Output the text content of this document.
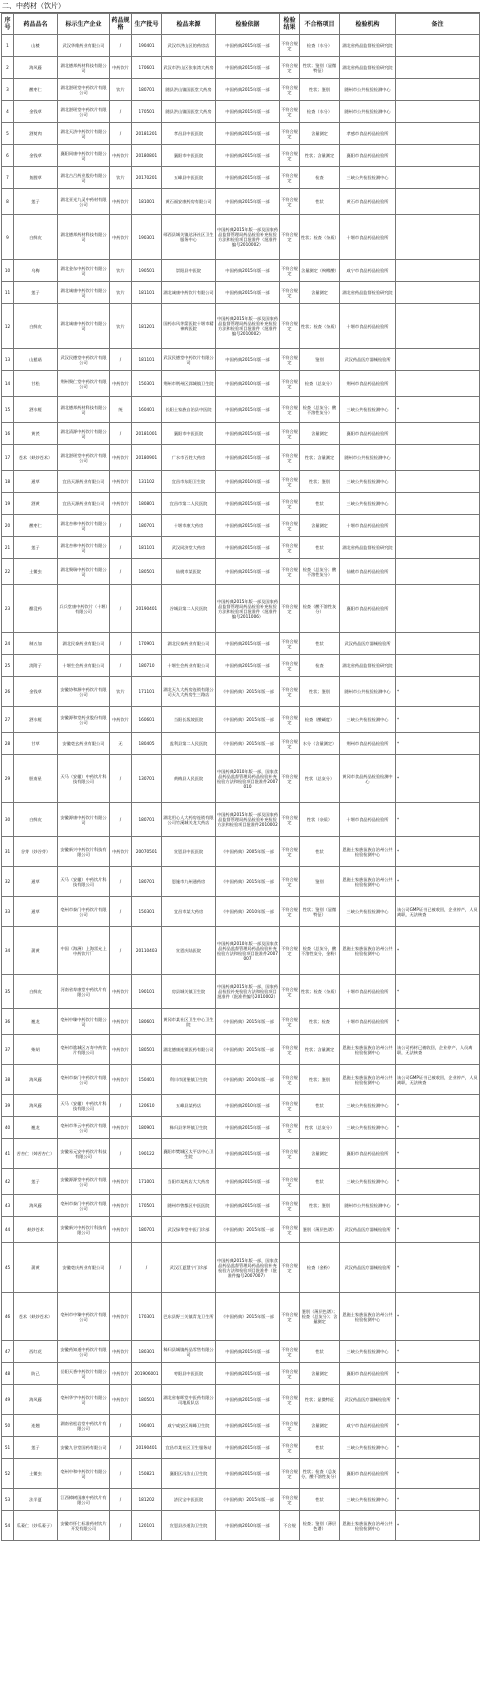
二、中药材（饮片）
序号	药品品名	标示生产企业	药品规格	生产批号	检品来源	检验依据	检验结果	不合格项目	检验机构	备注
1	山楂	武汉华维药业有限公司	/	190401	武汉市洪山区的药房店	中国药典2015年版一部	不符合规定	检查（水分）	湖北省药品监督检验研究院	
2	海风藤	湖北德邦药材科技有限公司	中药饮片	170601	武汉市洪山区张家湾大药房	中国药典2015年版一部	不符合规定	性状；鉴别（显微特征）	湖北省药品监督检验研究院	
3	酸枣仁	湖北湛瑶堂中药饮片有限公司	饮片	180701	随县洪山镇国医堂大药房	中国药典2015年版一部	不符合规定	性状；鉴别	随州市公共检验检测中心	
4	金钱草	湖北湛瑶堂中药饮片有限公司	/	170501	随县洪山镇国医堂大药房	中国药典2015年版一部	不符合规定	检查（水分）	随州市公共检验检测中心	
5	酒萸肉	湖北天济中药饮片有限公司	/	20181201	孝昌县中医医院	中国药典2015年版一部	不符合规定	含量测定	孝感市食品药品检验所	
6	金钱草	襄阳同康中药饮片有限公司	中药饮片	20180801	襄阳市中医医院	中国药典2015年版一部	不符合规定	性状；含量测定	襄阳市食品药品检验所	
7	鱼腥草	湖北古吕药业股份有限公司	饮片	20170201	五峰县中医医院	中国药典2015年版一部	不符合规定	检查	三峡公共检验检测中心	
8	莲子	湖北亚光九灵中药材有限公司	中药饮片	181001	黄石福安康药房有限公司	中国药典2015年版一部	不符合规定	性状	黄石市食品药品检验所	
9	白鲜皮	湖北德邦药材科技有限公司	中药饮片	190301	郧西县城关镇达泽社区卫生服务中心	中国药典2015年版一部及国家药品监督管理局药品检验补充检验方法和检验项目批准件（批准件编号2010002）	不符合规定	性状；检查（杂质）	十堰市食品药品检验所	
10	乌梅	湖北金东中药饮片有限公司	饮片	190501	崇阳县中医院	中国药典2015年版一部	不符合规定	含量测定（枸橼酸）	咸宁市食品药品检验所	
11	莲子	湖北诚康中药饮片有限公司	饮片	181101	湖北诚康中药饮片有限公司	中国药典2015年版一部	不符合规定	含量测定	湖北省药品监督检验研究院	
12	白鲜皮	湖北诚康中药饮片有限公司	饮片	181201	国药东风茅箭医院十堰市精神病医院	中国药典2015年版一部及国家药品监督管理局药品检验补充检验方法和检验项目批准件（批准件编号2010002）	不符合规定	性状；检查（杂质）	十堰市食品药品检验所	
13	山慈菇	武汉民德堂中药饮片有限公司	/	181101	武汉民德堂中药饮片有限公司	中国药典2015年版一部	不符合规定	鉴别	武汉药品医疗器械检验所	
14	甘松	荆州聚仁堂中药饮片有限公司	中药饮片	150301	荆州市荆州区郢城镇卫生院	中国药典2010年版一部	不符合规定	检查（总灰分）	荆州市食品药品检验所	
15	洒水蛭	湖北德邦药材科技有限公司	统	160401	长阳土家族自治县中医院	中国药典2015年版一部	不符合规定	检查（总灰分；酸不溶性灰分）	三峡公共检验检测中心	*
16	黄芪	湖北清源中药饮片有限公司	/	20181001	襄阳市中医医院	中国药典2015年版一部	不符合规定	含量测定	襄阳市食品药品检验所	
17	苍术（麸炒苍术）	湖北湛瑶堂中药饮片有限公司	中药饮片	20180901	广水市百姓大药房	中国药典2015年版一部	不符合规定	性状；含量测定	随州市公共检验检测中心	
18	通草	宜昌天源药业有限公司	中药饮片	131102	宜昌市东阳卫生院	中国药典2010年版一部	不符合规定	性状；鉴别	三峡公共检验检测中心	
19	酒黄	宜昌天源药业有限公司	中药饮片	180801	宜昌市第二人民医院	中国药典2015年版一部	不符合规定	性状	三峡公共检验检测中心	
20	酸枣仁	湖北杏林中药饮片有限公司	/	180701	十堰市康大药房	中国药典2015年版一部	不符合规定	含量测定	十堰市食品药品检验所	
21	莲子	湖北杏林中药饮片有限公司	/	181101	武汉同济堂大药房	中国药典2015年版一部	不符合规定	性状	湖北省药品监督检验研究院	
22	土鳖虫	湖北聚瑞中药饮片有限公司	/	180501	仙桃市某医院	中国药典2015年版一部	不符合规定	检查（总灰分；酸不溶性灰分）	仙桃市食品药品检验所	
23	醋没药	兵兵堂康中药饮片（十堰）有限公司	/	20190401	谷城县第二人民医院	中国药典2015年版一部及国家药品监督管理局药品检验补充检验方法和检验项目批准件（批准件编号2011006）	不符合规定	检查（酸不溶性灰分）	襄阳市食品药品检验所	
24	制五加	湖北民泰药业有限公司	/	170901	湖北民泰药业有限公司	中国药典2015年版一部	不符合规定	性状	武汉药品医疗器械检验所	
25	淡附子	十堰生会药业有限公司	/	180710	十堰生会药业有限公司	中国药典2015年版一部	不符合规定	检查	湖北省药品监督检验研究院	
26	金钱草	安徽协和源中药饮片有限公司	饮片	171101	湖北天九大药房连锁有限公司天九大药房生三路店	《中国药典》2015年版一部	不符合规定	性状；鉴别	随州市公共检验检测中心	*
27	洒水蛭	安徽源和堂药业股份有限公司	中药饮片	160601	当阳长坂坡医院	《中国药典》2015年版一部	不符合规定	检查（酸碱度）	三峡公共检验检测中心	*
28	甘草	安徽亳玄药业有限公司	无	180405	监利县第二人民医院	《中国药典》2015年版一部	不符合规定	水分（含量测定）	荆州市食品药品检验所	*
29	胆南星	天马（安徽）中药饮片科技有限公司	/	130701	黄梅县人民医院	中国药典2010年版一部，国家食品药品监督管理局药品检验补充检验方法和检验项目批准件2007010	不符合规定	性状（总灰分）	黄冈市食品药品检验检测中心	*
30	白鲜皮	安徽源康中药饮片有限公司	/	180701	湖北用心人大药房连锁有限公司竹溪城关龙大药店	中国药典2015年版一部及国家药品监督管理局药品检验补充检验方法和检验项目批准件2010002	不符合规定	性状（杂质）	十堰市食品药品检验所	*
31	谷芽（炒谷芽）	安徽新兴中药饮片科技有限公司	中药饮片	20070501	宣恩县中医医院	《中国药典》2005年版一部	不符合规定	性状	恩施土家族苗族自治州公共检验检测中心	*
32	通草	天马（安徽）中药饮片科技有限公司	/	180701	恩施市九州通药房	《中国药典》2015年版一部	不符合规定	鉴别	恩施土家族苗族自治州公共检验检测中心	*
33	通草	亳州市泰门中药饮片有限公司	/	150301	宜昌市某大药房	《中国药典》2010年版一部	不符合规定	性状；鉴别（显微特征）	三峡公共检验检测中心	该公司GMP证书已被收回，企业停产，人员离职，无法核查
34	蒲黄	中国（海洲）上海雷允上中药饮片厂	/	20110403	宣恩庆陆医院	中国药典2010年版一部及国家食品药品监督管理局药品检验补充检验方法和检验项目批准件2007007	不符合规定	检查（总灰分，酸不溶性灰分，金粉）	恩施土家族苗族自治州公共检验检测中心	*
35	白鲜皮	河南省寿康堂中药饮片有限公司	中药饮片	190101	房县城关镇卫生院	中国药典2015年版一部，国家药品检验补充检验方法和检验项目批准件（批准件编号2010002）	不符合规定	性状；检查（杂质）	十堰市食品药品检验所	*
36	翘龙	亳州中臻中药饮片有限公司	中药饮片	180601	黄冈市某社区卫生中心卫生院	《中国药典》2015年版一部	不符合规定	性状；检查	十堰市食品药品检验所	*
37	柴胡	亳州市谯城区万寿中药饮片有限公司	中药饮片	180501	湖北德康连锁医药有限公司	《中国药典》2015年版一部	不符合规定	性状；含量测定	恩施土家族苗族自治州公共检验检测中心	该公司药材已被收回，企业停产，人员离职，无法核查
38	海风藤	亳州市泰门中药饮片有限公司	中药饮片	150401	利川市团堡镇卫生院	《中国药典》2010年版一部	不符合规定	性状；鉴别	恩施土家族苗族自治州公共检验检测中心	该公司GMP证书已被收回，企业停产，人员离职，无法核查
39	海风藤	天马（安徽）中药饮片科技有限公司	/	120610	五峰县某药店	中国药典2010年版一部	不符合规定	性状	三峡公共检验检测中心	*
40	翘龙	亳州市华云中药饮片有限公司	中药饮片	180901	秭归县茅坪镇卫生院	中国药典2015年版一部	不符合规定	性状（总灰分）	三峡公共检验检测中心	*
41	苦杏仁（焯苦杏仁）	安徽易元安中药饮片科技有限公司	/	190122	襄阳市樊城区太平店中心卫生院	中国药典2015年版一部	不符合规定	含量测定	襄阳市食品药品检验所	*
42	莲子	安徽源源堂中药饮片有限公司	中药饮片	171001	当阳市某药店大大药房	中国药典2015年版一部	不符合规定	性状	三峡公共检验检测中心	*
43	海风藤	亳州市泰门中药饮片有限公司	中药饮片	170501	随州市曾都区中医医院	中国药典2015年版一部	不符合规定	性状；鉴别	随州市公共检验检测中心	*
44	麸炒苍术	安徽新兴中药饮片科技有限公司	中药饮片	180701	武汉绿华堂中医门诊部	《中国药典》2015年版一部	不符合规定	鉴别（薄层色谱）	武汉药品医疗器械检验所	*
45	蒲黄	安徽亳庆药业有限公司	/	/	武汉江夏慧宁门诊部	中国药典2015年版一部，国家食品药品监督管理局药品检验补充检验方法和检验项目批准件（批准件编号2007007）	不符合规定	检查（金粉）	武汉药品医疗器械检验所	*
46	苍术（麸炒苍术）	亳州市中臻中药饮片有限公司	中药饮片	170301	巴东县野三关镇青龙卫生所	《中国药典》2015年版一部	不符合规定	鉴别（薄层色谱）；检查（总灰分）；含量测定	恩施土家族苗族自治州公共检验检测中心	*
47	西红花	安徽药知道中药饮片有限公司	中药饮片	180301	秭归县城镇药品零售有限公司	中国药典2015年版一部	不符合规定	性状	三峡公共检验检测中心	*
48	防己	岳阳天香中药饮片有限公司	中药饮片	201906001	枣阳县中医医院	中国药典2015年版一部	不符合规定	含量测定	襄阳市食品药品检验所	*
49	海风藤	亳州华宇中药饮片有限公司	中药饮片	180501	湖北省春晖堂中医药有限公司地质队店	中国药典2015年版一部	不符合规定	性状；显微特征	武汉药品医疗器械检验所	*
50	连翘	湖南省松岩堂中药饮片有限公司	/	190401	咸宁咸安区周峰卫生院	中国药典2015年版一部	不符合规定	含量测定	咸宁市食品药品检验所	*
51	莲子	安徽九谷堂国药有限公司	/	20190401	宜昌市某社区卫生服务站	中国药典2015年版一部	不符合规定	性状	三峡公共检验检测中心	*
52	土鳖虫	亳州中和中药饮片有限公司	/	150821	襄阳区冯汝山卫生院	中国药典2015年版一部	不符合规定	性状；检查（总灰分，酸不溶性灰分）	襄阳市食品药品检验所	*
53	法半夏	江西樟树国康中药饮片有限公司	/	181202	济民宝中医医院	《中国药典》2015年版一部	不符合规定	性状	三峡公共检验检测中心	*
54	瓜蒌仁（炒瓜蒌子）	安徽市怀仁标准药材饮片开发有限公司	/	120101	宣恩县沙道沟卫生院	中国药典2010年版一部	不合规	检查；鉴别（薄层色谱）	恩施土家族苗族自治州公共检验检测中心	*
